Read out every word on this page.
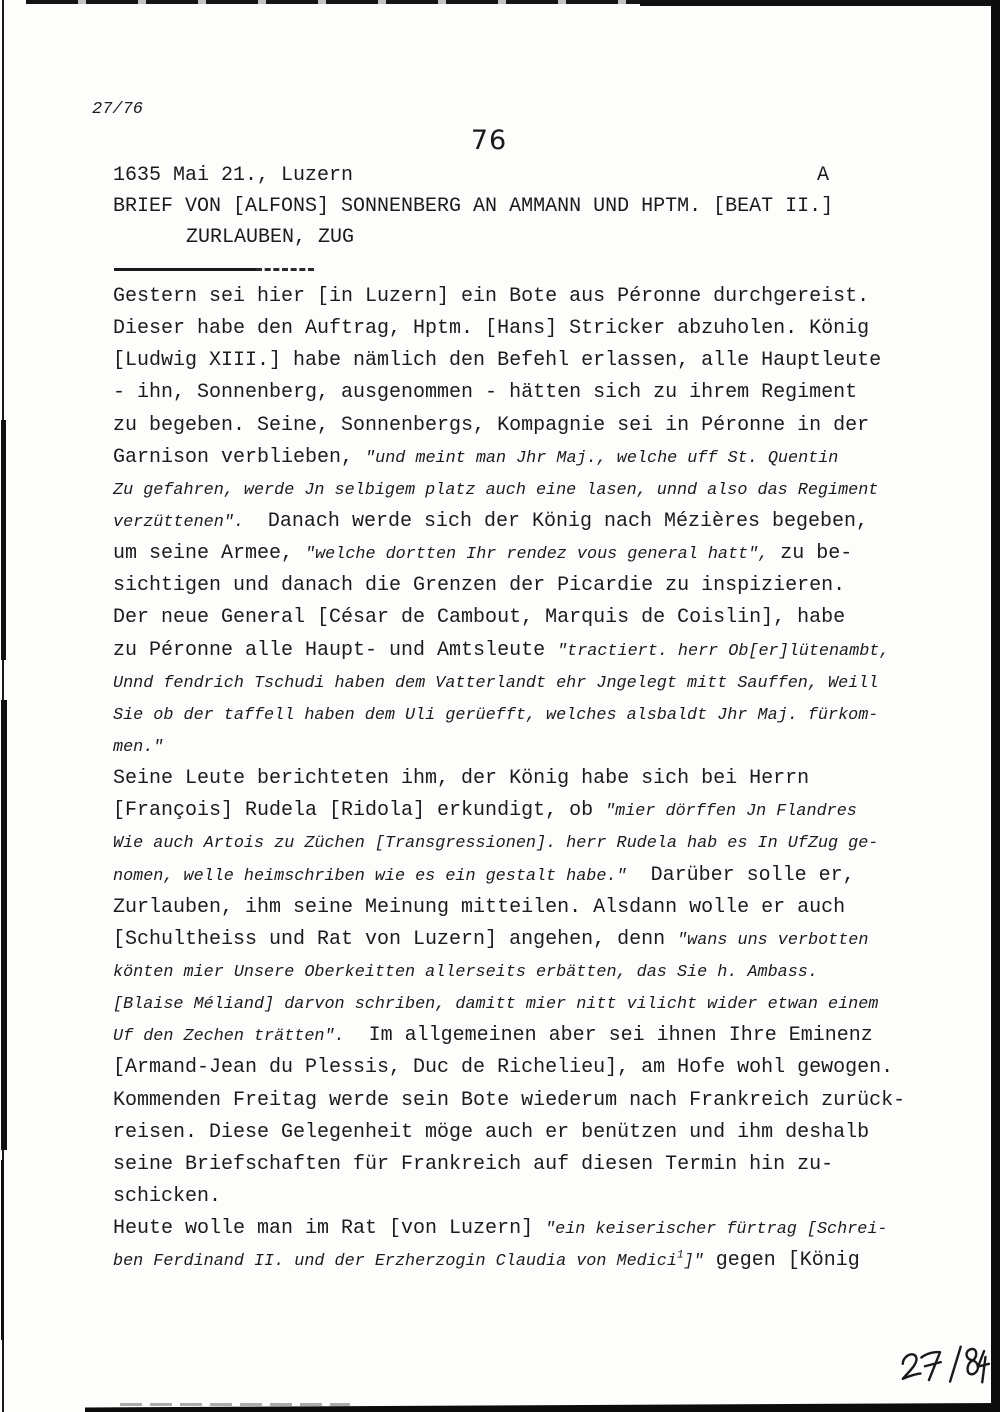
27/76
76
1635 Mai 21., Luzern	A
BRIEF VON [ALFONS] SONNENBERG AN AMMANN UND HPTM. [BEAT II.]
ZURLAUBEN, ZUG
Gestern sei hier [in Luzern] ein Bote aus Péronne durchgereist.
Dieser habe den Auftrag, Hptm. [Hans] Stricker abzuholen. König
[Ludwig XIII.] habe nämlich den Befehl erlassen, alle Hauptleute
- ihn, Sonnenberg, ausgenommen - hätten sich zu ihrem Regiment
zu begeben. Seine, Sonnenbergs, Kompagnie sei in Péronne in der
Garnison verblieben, "und meint man Jhr Maj., welche uff St. Quentin
Zu gefahren, werde Jn selbigem platz auch eine lasen, unnd also das Regiment
verzüttenen".  Danach werde sich der König nach Mézières begeben,
um seine Armee, "welche dortten Ihr rendez vous general hatt", zu be-
sichtigen und danach die Grenzen der Picardie zu inspizieren.
Der neue General [César de Cambout, Marquis de Coislin], habe
zu Péronne alle Haupt- und Amtsleute "tractiert. herr Ob[er]lütenambt,
Unnd fendrich Tschudi haben dem Vatterlandt ehr Jngelegt mitt Sauffen, Weill
Sie ob der taffell haben dem Uli gerüefft, welches alsbaldt Jhr Maj. fürkom-
men."
Seine Leute berichteten ihm, der König habe sich bei Herrn
[François] Rudela [Ridola] erkundigt, ob "mier dörffen Jn Flandres
Wie auch Artois zu Züchen [Transgressionen]. herr Rudela hab es In UfZug ge-
nomen, welle heimschriben wie es ein gestalt habe."  Darüber solle er,
Zurlauben, ihm seine Meinung mitteilen. Alsdann wolle er auch
[Schultheiss und Rat von Luzern] angehen, denn "wans uns verbotten
könten mier Unsere Oberkeitten allerseits erbätten, das Sie h. Ambass.
[Blaise Méliand] darvon schriben, damitt mier nitt vilicht wider etwan einem
Uf den Zechen trätten".  Im allgemeinen aber sei ihnen Ihre Eminenz
[Armand-Jean du Plessis, Duc de Richelieu], am Hofe wohl gewogen.
Kommenden Freitag werde sein Bote wiederum nach Frankreich zurück-
reisen. Diese Gelegenheit möge auch er benützen und ihm deshalb
seine Briefschaften für Frankreich auf diesen Termin hin zu-
schicken.
Heute wolle man im Rat [von Luzern] "ein keiserischer fürtrag [Schrei-
ben Ferdinand II. und der Erzherzogin Claudia von Medici$^1$]" gegen [König
